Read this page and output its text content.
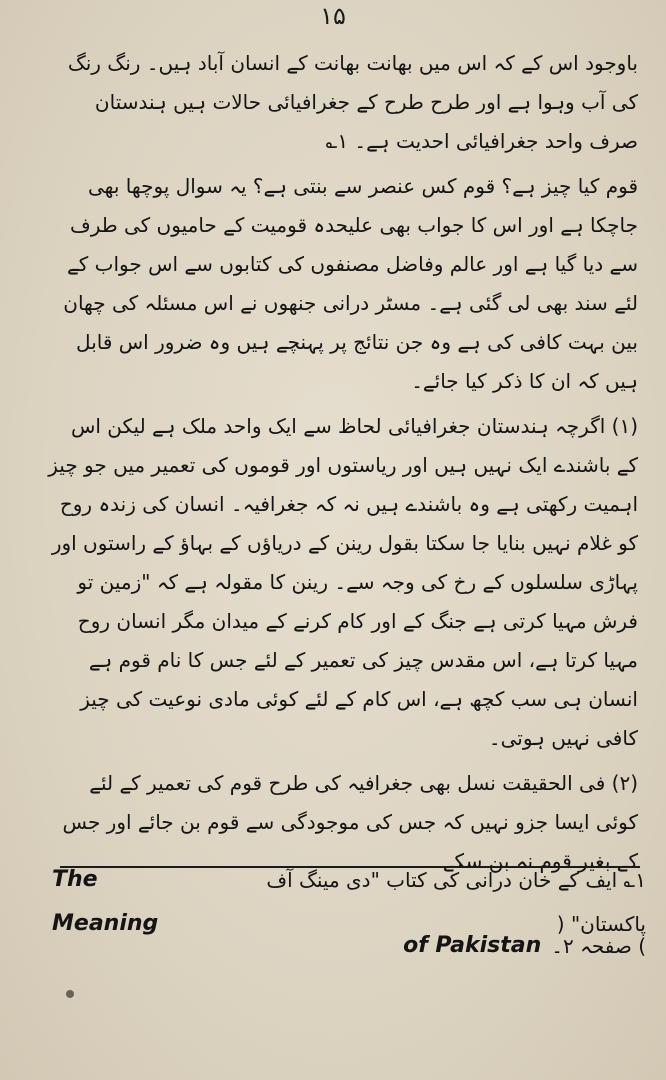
۱۵

باوجود اس کے کہ اس میں بھانت بھانت کے انسان آباد ہیں۔ رنگ رنگ کی آب وہوا ہے اور طرح طرح کے جغرافیائی حالات ہیں ہندستان صرف واحد جغرافیائی احدیت ہے۔ ۱؎

قوم کیا چیز ہے؟ قوم کس عنصر سے بنتی ہے؟ یہ سوال پوچھا بھی جاچکا ہے اور اس کا جواب بھی علیحدہ قومیت کے حامیوں کی طرف سے دیا گیا ہے اور عالم وفاضل مصنفوں کی کتابوں سے اس جواب کے لئے سند بھی لی گئی ہے۔ مسٹر درانی جنھوں نے اس مسئلہ کی چھان بین بہت کافی کی ہے وہ جن نتائج پر پہنچے ہیں وہ ضرور اس قابل ہیں کہ ان کا ذکر کیا جائے۔

(۱) اگرچہ ہندستان جغرافیائی لحاظ سے ایک واحد ملک ہے لیکن اس کے باشندے ایک نہیں ہیں اور ریاستوں اور قوموں کی تعمیر میں جو چیز اہمیت رکھتی ہے وہ باشندے ہیں نہ کہ جغرافیہ۔ انسان کی زندہ روح کو غلام نہیں بنایا جا سکتا بقول رینن کے دریاؤں کے بہاؤ کے راستوں اور پہاڑی سلسلوں کے رخ کی وجہ سے۔ رینن کا مقولہ ہے کہ "زمین تو فرش مہیا کرتی ہے جنگ کے اور کام کرنے کے میدان مگر انسان روح مہیا کرتا ہے، اس مقدس چیز کی تعمیر کے لئے جس کا نام قوم ہے انسان ہی سب کچھ ہے، اس کام کے لئے کوئی مادی نوعیت کی چیز کافی نہیں ہوتی۔

(۲) فی الحقیقت نسل بھی جغرافیہ کی طرح قوم کی تعمیر کے لئے کوئی ایسا جزو نہیں کہ جس کی موجودگی سے قوم بن جائے اور جس کے بغیر قوم نہ بن سکے۔

The Meaning
۱؎ ایف کے خان درانی کی کتاب "دی مینگ آف پاکستان" (
of Pakistan ) صفحہ ۲۔
